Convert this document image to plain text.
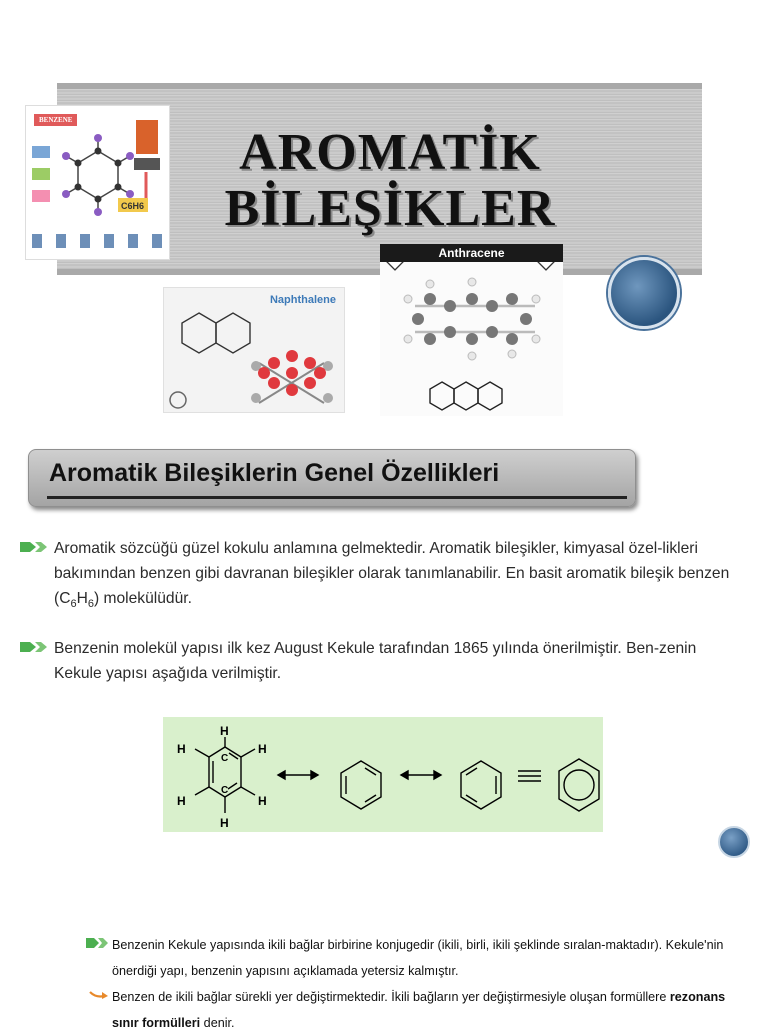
AROMATİK
BİLEŞİKLER
BENZENE
C6H6
Naphthalene
Anthracene
Aromatik Bileşiklerin Genel Özellikleri
Aromatik sözcüğü güzel kokulu anlamına gelmektedir. Aromatik bileşikler, kimyasal özel-likleri bakımından benzen gibi davranan bileşikler olarak tanımlanabilir. En basit aromatik bileşik benzen $(C_6H_6)$ molekülüdür.
Benzenin molekül yapısı ilk kez August Kekule tarafından 1865 yılında önerilmiştir. Ben-zenin Kekule yapısı aşağıda verilmiştir.
H
H
H
H
H
H
C
C
Benzenin Kekule yapısında ikili bağlar birbirine konjugedir (ikili, birli, ikili şeklinde sıralan-maktadır). Kekule'nin önerdiği yapı, benzenin yapısını açıklamada yetersiz kalmıştır.
Benzen de ikili bağlar sürekli yer değiştirmektedir. İkili bağların yer değiştirmesiyle oluşan formüllere rezonans sınır formülleri denir.
